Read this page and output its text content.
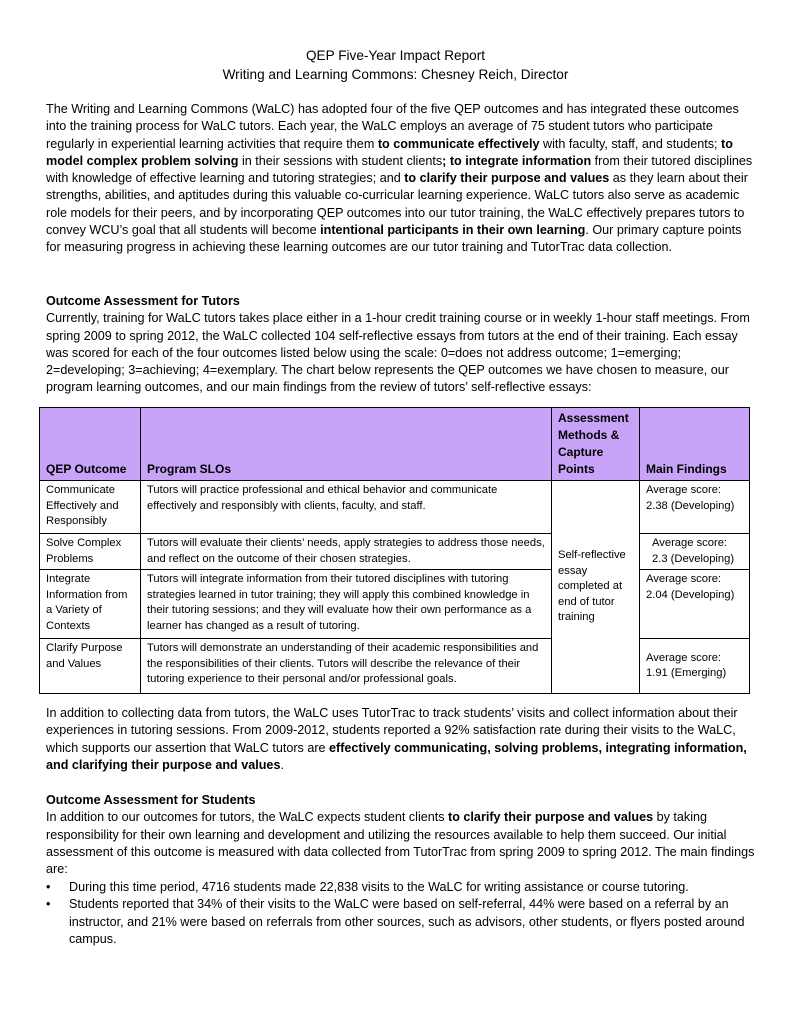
QEP Five-Year Impact Report
Writing and Learning Commons: Chesney Reich, Director
The Writing and Learning Commons (WaLC) has adopted four of the five QEP outcomes and has integrated these outcomes into the training process for WaLC tutors. Each year, the WaLC employs an average of 75 student tutors who participate regularly in experiential learning activities that require them to communicate effectively with faculty, staff, and students; to model complex problem solving in their sessions with student clients; to integrate information from their tutored disciplines with knowledge of effective learning and tutoring strategies; and to clarify their purpose and values as they learn about their strengths, abilities, and aptitudes during this valuable co-curricular learning experience. WaLC tutors also serve as academic role models for their peers, and by incorporating QEP outcomes into our tutor training, the WaLC effectively prepares tutors to convey WCU’s goal that all students will become intentional participants in their own learning. Our primary capture points for measuring progress in achieving these learning outcomes are our tutor training and TutorTrac data collection.
Outcome Assessment for Tutors
Currently, training for WaLC tutors takes place either in a 1-hour credit training course or in weekly 1-hour staff meetings. From spring 2009 to spring 2012, the WaLC collected 104 self-reflective essays from tutors at the end of their training. Each essay was scored for each of the four outcomes listed below using the scale: 0=does not address outcome; 1=emerging; 2=developing; 3=achieving; 4=exemplary. The chart below represents the QEP outcomes we have chosen to measure, our program learning outcomes, and our main findings from the review of tutors’ self-reflective essays:
QEP Outcome	Program SLOs	Assessment Methods & Capture Points	Main Findings
Communicate Effectively and Responsibly	Tutors will practice professional and ethical behavior and communicate effectively and responsibly with clients, faculty, and staff.	Self-reflective essay completed at end of tutor training	Average score: 2.38 (Developing)
Solve Complex Problems	Tutors will evaluate their clients’ needs, apply strategies to address those needs, and reflect on the outcome of their chosen strategies.		Average score: 2.3 (Developing)
Integrate Information from a Variety of Contexts	Tutors will integrate information from their tutored disciplines with tutoring strategies learned in tutor training; they will apply this combined knowledge in their tutoring sessions; and they will evaluate how their own performance as a learner has changed as a result of tutoring.		Average score: 2.04 (Developing)
Clarify Purpose and Values	Tutors will demonstrate an understanding of their academic responsibilities and the responsibilities of their clients. Tutors will describe the relevance of their tutoring experience to their personal and/or professional goals.		Average score: 1.91 (Emerging)
In addition to collecting data from tutors, the WaLC uses TutorTrac to track students’ visits and collect information about their experiences in tutoring sessions. From 2009-2012, students reported a 92% satisfaction rate during their visits to the WaLC, which supports our assertion that WaLC tutors are effectively communicating, solving problems, integrating information, and clarifying their purpose and values.
Outcome Assessment for Students
In addition to our outcomes for tutors, the WaLC expects student clients to clarify their purpose and values by taking responsibility for their own learning and development and utilizing the resources available to help them succeed. Our initial assessment of this outcome is measured with data collected from TutorTrac from spring 2009 to spring 2012. The main findings are:
• During this time period, 4716 students made 22,838 visits to the WaLC for writing assistance or course tutoring.
• Students reported that 34% of their visits to the WaLC were based on self-referral, 44% were based on a referral by an instructor, and 21% were based on referrals from other sources, such as advisors, other students, or flyers posted around campus.
